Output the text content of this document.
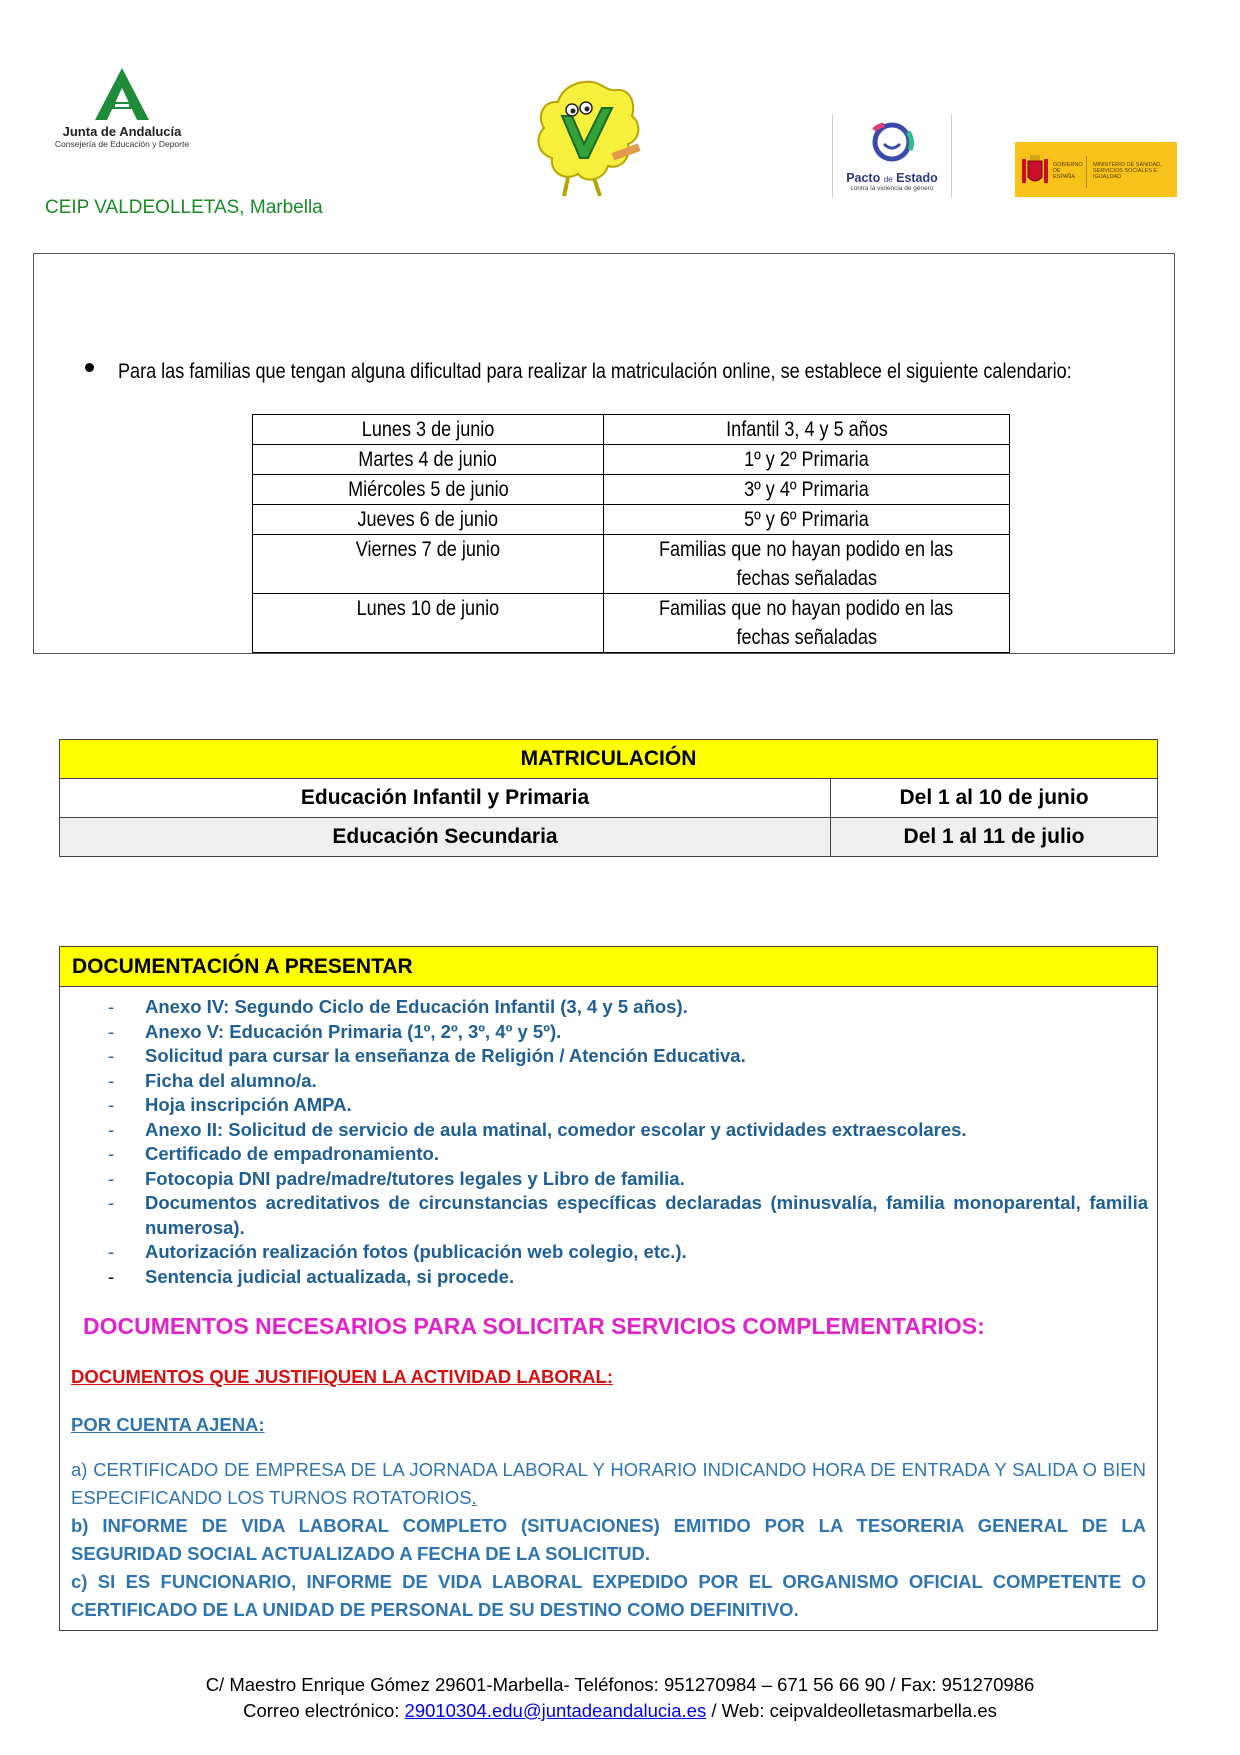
Junta de Andalucía
Consejería de Educación y Deporte
Pacto de Estado
contra la violencia de género
GOBIERNO DE ESPAÑA
MINISTERIO DE SANIDAD, SERVICIOS SOCIALES E IGUALDAD
CEIP VALDEOLLETAS, Marbella
Para las familias que tengan alguna dificultad para realizar la matriculación online, se establece el siguiente calendario:
Lunes 3 de junio	Infantil 3, 4 y 5 años
Martes 4 de junio	1º y 2º Primaria
Miércoles 5 de junio	3º y 4º Primaria
Jueves 6 de junio	5º y 6º Primaria
Viernes 7 de junio	Familias que no hayan podido en las
fechas señaladas
Lunes 10 de junio	Familias que no hayan podido en las
fechas señaladas
MATRICULACIÓN	
Educación Infantil y Primaria	Del 1 al 10 de junio
Educación Secundaria	Del 1 al 11 de julio
DOCUMENTACIÓN A PRESENTAR
- Anexo IV: Segundo Ciclo de Educación Infantil (3, 4 y 5 años).
- Anexo V: Educación Primaria (1º, 2º, 3º, 4º y 5º).
- Solicitud para cursar la enseñanza de Religión / Atención Educativa.
- Ficha del alumno/a.
- Hoja inscripción AMPA.
- Anexo II: Solicitud de servicio de aula matinal, comedor escolar y actividades extraescolares.
- Certificado de empadronamiento.
- Fotocopia DNI padre/madre/tutores legales y Libro de familia.
- Documentos acreditativos de circunstancias específicas declaradas (minusvalía, familia monoparental, familia numerosa).
- Autorización realización fotos (publicación web colegio, etc.).
- Sentencia judicial actualizada, si procede.
DOCUMENTOS NECESARIOS PARA SOLICITAR SERVICIOS COMPLEMENTARIOS:
DOCUMENTOS QUE JUSTIFIQUEN LA ACTIVIDAD LABORAL:
POR CUENTA AJENA:
a) CERTIFICADO DE EMPRESA DE LA JORNADA LABORAL Y HORARIO INDICANDO HORA DE ENTRADA Y SALIDA O BIEN ESPECIFICANDO LOS TURNOS ROTATORIOS.
b) INFORME DE VIDA LABORAL COMPLETO (SITUACIONES) EMITIDO POR LA TESORERIA GENERAL DE LA SEGURIDAD SOCIAL ACTUALIZADO A FECHA DE LA SOLICITUD.
c) SI ES FUNCIONARIO, INFORME DE VIDA LABORAL EXPEDIDO POR EL ORGANISMO OFICIAL COMPETENTE O CERTIFICADO DE LA UNIDAD DE PERSONAL DE SU DESTINO COMO DEFINITIVO.
C/ Maestro Enrique Gómez 29601-Marbella- Teléfonos: 951270984 – 671 56 66 90 / Fax: 951270986
Correo electrónico: 29010304.edu@juntadeandalucia.es / Web: ceipvaldeolletasmarbella.es
